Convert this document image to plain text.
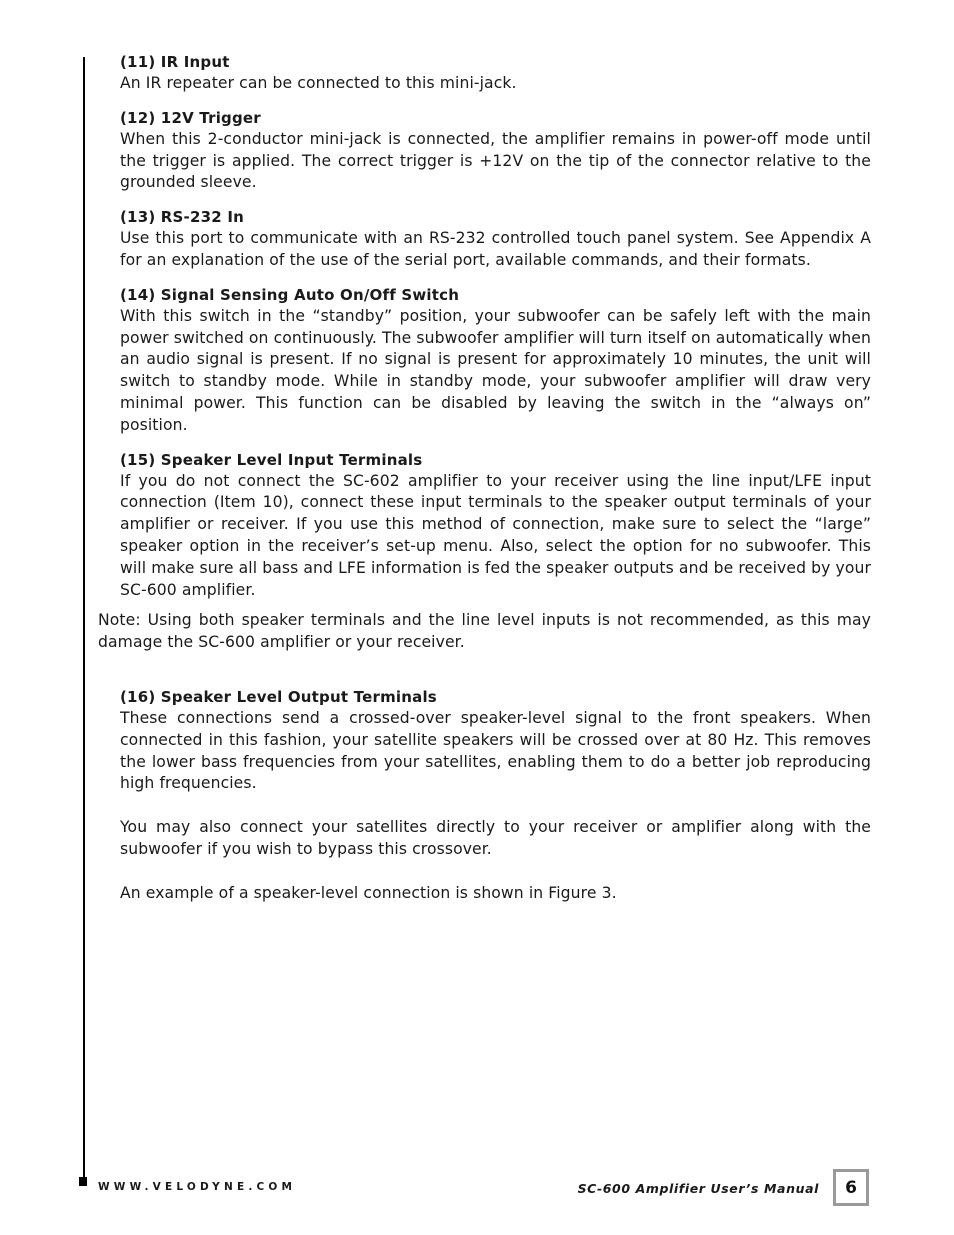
(11) IR Input

An IR repeater can be connected to this mini-jack.

(12) 12V Trigger

When this 2-conductor mini-jack is connected, the amplifier remains in power-off mode until the trigger is applied. The correct trigger is +12V on the tip of the connector relative to the grounded sleeve.

(13) RS-232 In

Use this port to communicate with an RS-232 controlled touch panel system. See Appendix A for an explanation of the use of the serial port, available commands, and their formats.

(14) Signal Sensing Auto On/Off Switch

With this switch in the “standby” position, your subwoofer can be safely left with the main power switched on continuously. The subwoofer amplifier will turn itself on automatically when an audio signal is present. If no signal is present for approximately 10 minutes, the unit will switch to standby mode. While in standby mode, your subwoofer amplifier will draw very minimal power. This function can be disabled by leaving the switch in the “always on” position.

(15) Speaker Level Input Terminals

If you do not connect the SC-602 amplifier to your receiver using the line input/LFE input connection (Item 10), connect these input terminals to the speaker output terminals of your amplifier or receiver. If you use this method of connection, make sure to select the “large” speaker option in the receiver’s set-up menu. Also, select the option for no subwoofer. This will make sure all bass and LFE information is fed the speaker outputs and be received by your SC-600 amplifier.

Note: Using both speaker terminals and the line level inputs is not recommended, as this may damage the SC-600 amplifier or your receiver.

(16) Speaker Level Output Terminals

These connections send a crossed-over speaker-level signal to the front speakers. When connected in this fashion, your satellite speakers will be crossed over at 80 Hz. This removes the lower bass frequencies from your satellites, enabling them to do a better job reproducing high frequencies.

You may also connect your satellites directly to your receiver or amplifier along with the subwoofer if you wish to bypass this crossover.

An example of a speaker-level connection is shown in Figure 3.

WWW.VELODYNE.COM	SC-600 Amplifier User’s Manual 6
